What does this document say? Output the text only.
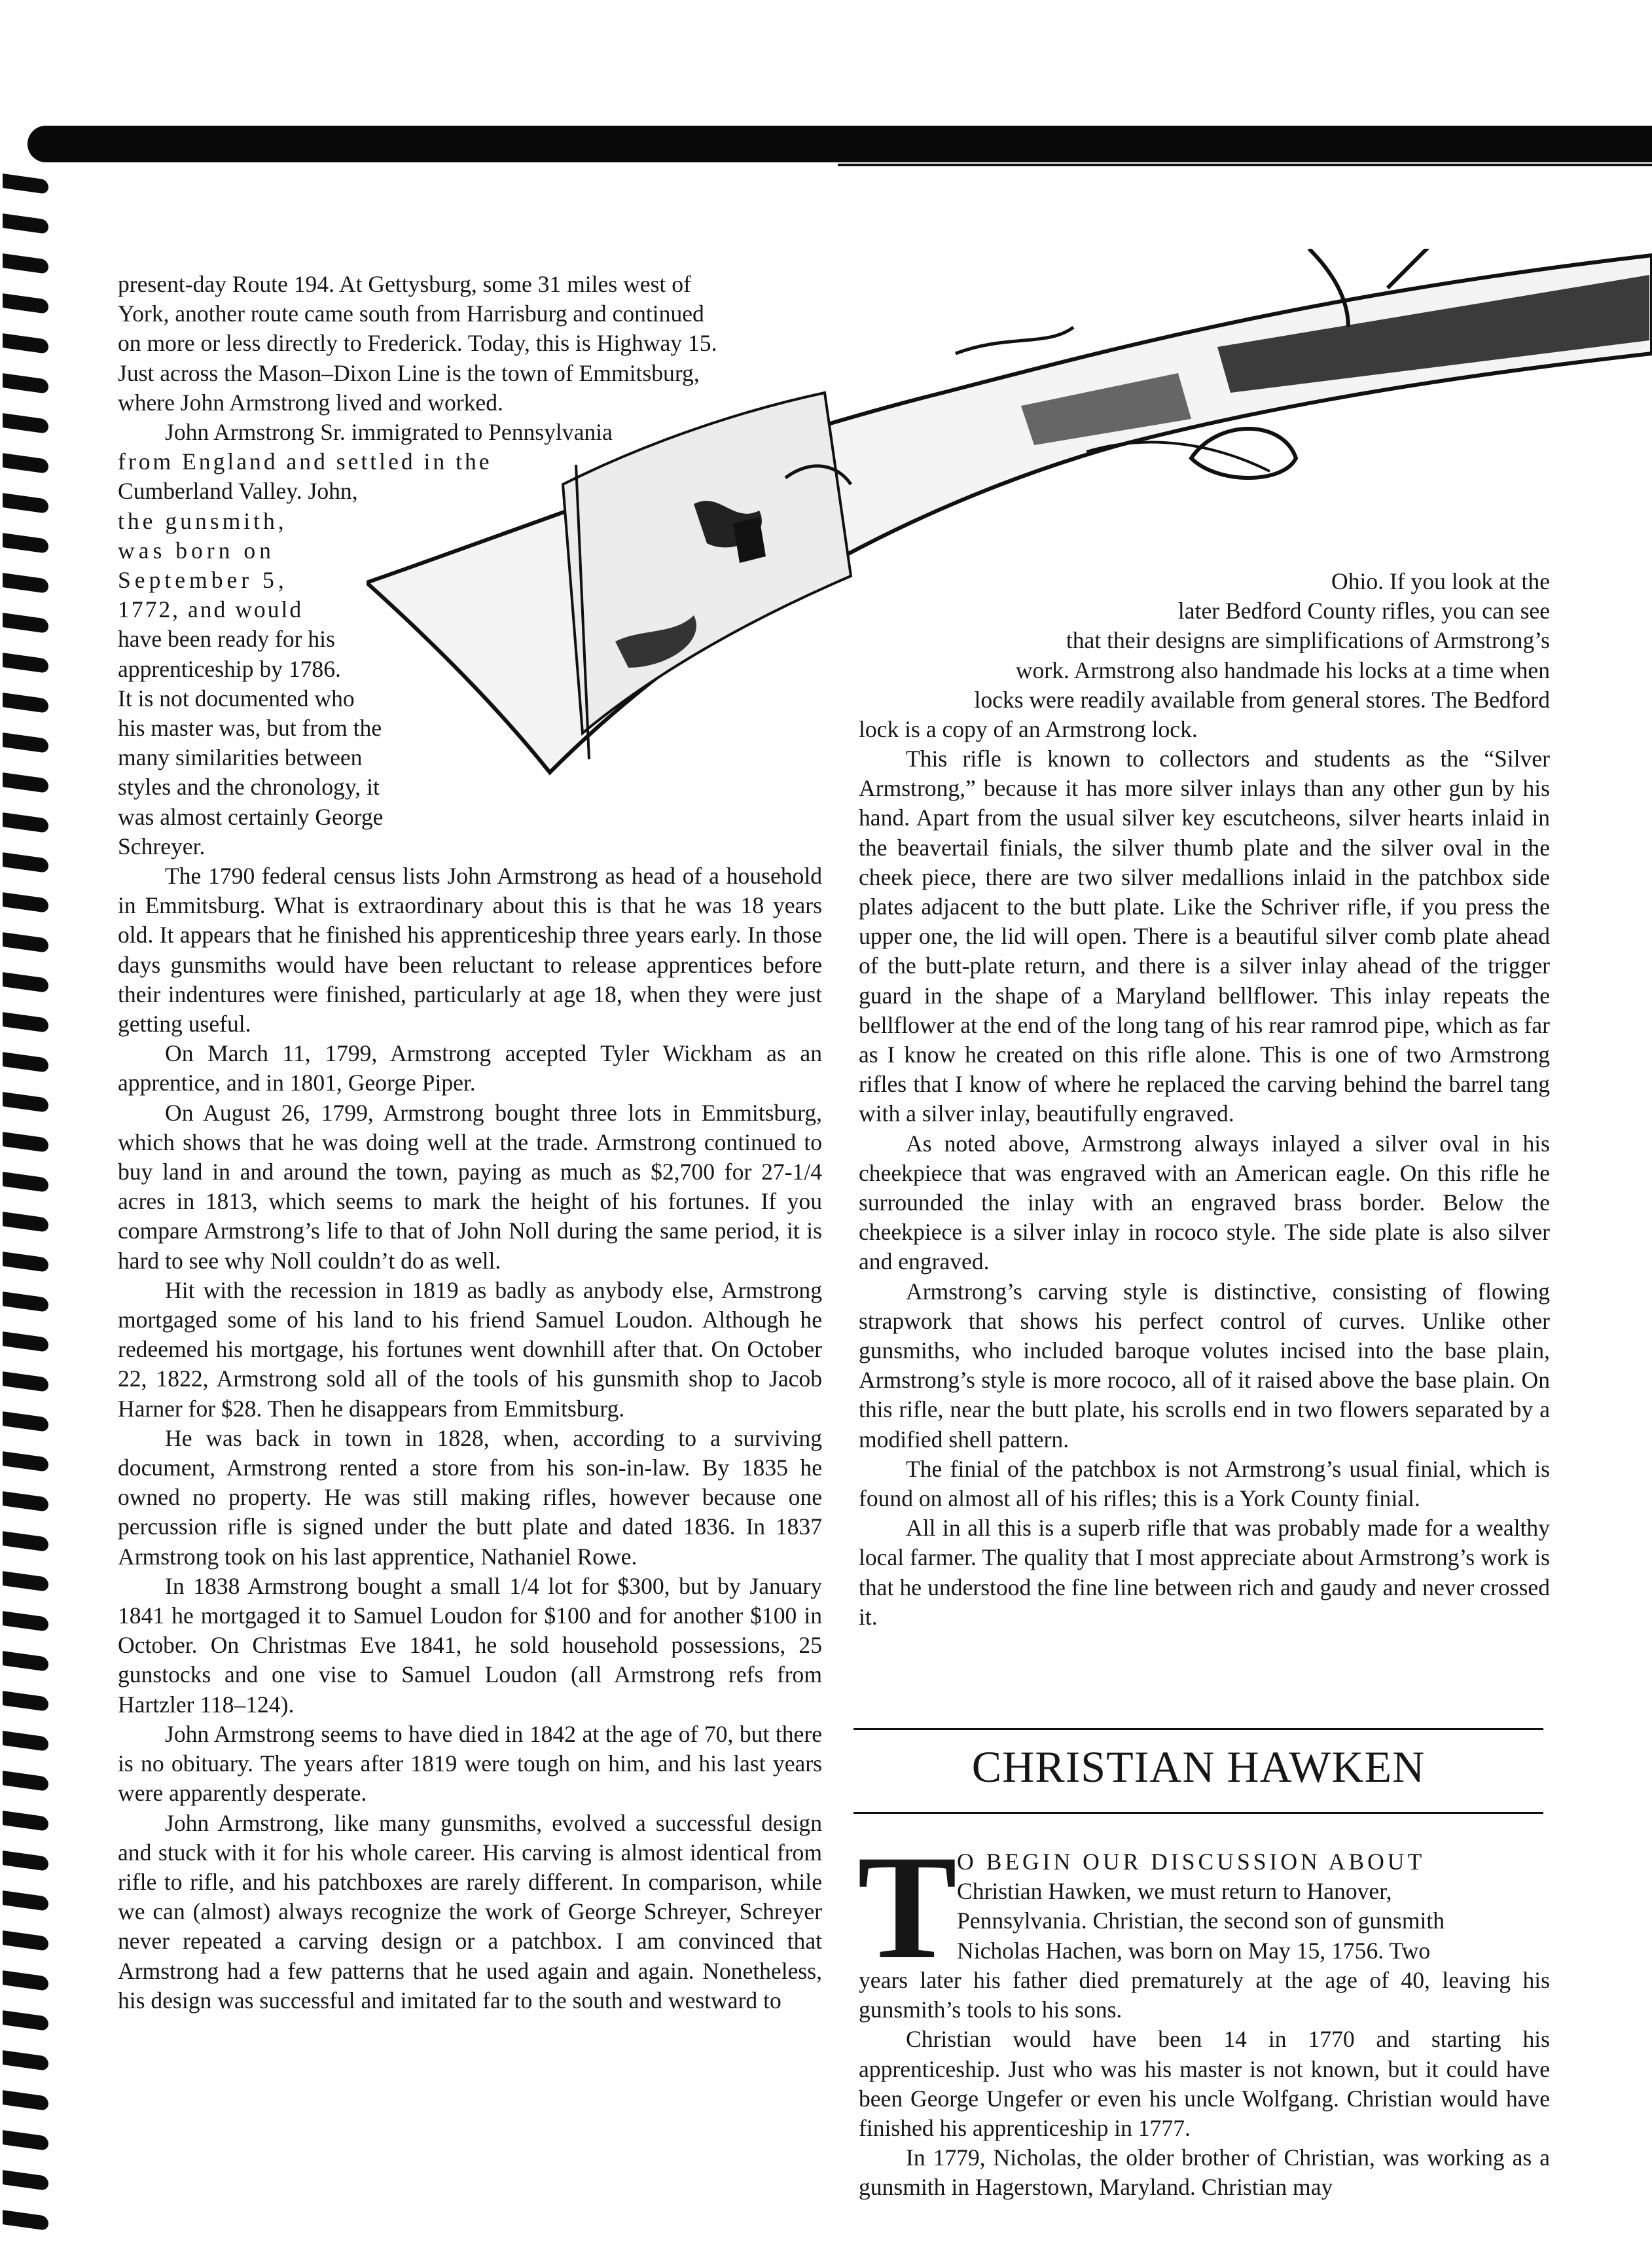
present-day Route 194. At Gettysburg, some 31 miles west of
York, another route came south from Harrisburg and continued
on more or less directly to Frederick. Today, this is Highway 15.
Just across the Mason–Dixon Line is the town of Emmitsburg,
where John Armstrong lived and worked.
John Armstrong Sr. immigrated to Pennsylvania
from England and settled in the
Cumberland Valley. John,
the gunsmith,
was born on
September 5,
1772, and would
have been ready for his
apprenticeship by 1786.
It is not documented who
his master was, but from the
many similarities between
styles and the chronology, it
was almost certainly George
Schreyer.

The 1790 federal census lists John Armstrong as head of a household in Emmitsburg. What is extraordinary about this is that he was 18 years old. It appears that he finished his apprenticeship three years early. In those days gunsmiths would have been reluctant to release apprentices before their indentures were finished, particularly at age 18, when they were just getting useful.

On March 11, 1799, Armstrong accepted Tyler Wickham as an apprentice, and in 1801, George Piper.

On August 26, 1799, Armstrong bought three lots in Emmitsburg, which shows that he was doing well at the trade. Armstrong continued to buy land in and around the town, paying as much as $2,700 for 27-1/4 acres in 1813, which seems to mark the height of his fortunes. If you compare Armstrong’s life to that of John Noll during the same period, it is hard to see why Noll couldn’t do as well.

Hit with the recession in 1819 as badly as anybody else, Armstrong mortgaged some of his land to his friend Samuel Loudon. Although he redeemed his mortgage, his fortunes went downhill after that. On October 22, 1822, Armstrong sold all of the tools of his gunsmith shop to Jacob Harner for $28. Then he disappears from Emmitsburg.

He was back in town in 1828, when, according to a surviving document, Armstrong rented a store from his son-in-law. By 1835 he owned no property. He was still making rifles, however because one percussion rifle is signed under the butt plate and dated 1836. In 1837 Armstrong took on his last apprentice, Nathaniel Rowe.

In 1838 Armstrong bought a small 1/4 lot for $300, but by January 1841 he mortgaged it to Samuel Loudon for $100 and for another $100 in October. On Christmas Eve 1841, he sold household possessions, 25 gunstocks and one vise to Samuel Loudon (all Armstrong refs from Hartzler 118–124).

John Armstrong seems to have died in 1842 at the age of 70, but there is no obituary. The years after 1819 were tough on him, and his last years were apparently desperate.

John Armstrong, like many gunsmiths, evolved a successful design and stuck with it for his whole career. His carving is almost identical from rifle to rifle, and his patchboxes are rarely different. In comparison, while we can (almost) always recognize the work of George Schreyer, Schreyer never repeated a carving design or a patchbox. I am convinced that Armstrong had a few patterns that he used again and again. Nonetheless, his design was successful and imitated far to the south and westward to

Ohio. If you look at the
later Bedford County rifles, you can see
that their designs are simplifications of Armstrong’s
work. Armstrong also handmade his locks at a time when
locks were readily available from general stores. The Bedford
lock is a copy of an Armstrong lock.

This rifle is known to collectors and students as the “Silver Armstrong,” because it has more silver inlays than any other gun by his hand. Apart from the usual silver key escutcheons, silver hearts inlaid in the beavertail finials, the silver thumb plate and the silver oval in the cheek piece, there are two silver medallions inlaid in the patchbox side plates adjacent to the butt plate. Like the Schriver rifle, if you press the upper one, the lid will open. There is a beautiful silver comb plate ahead of the butt-plate return, and there is a silver inlay ahead of the trigger guard in the shape of a Maryland bellflower. This inlay repeats the bellflower at the end of the long tang of his rear ramrod pipe, which as far as I know he created on this rifle alone. This is one of two Armstrong rifles that I know of where he replaced the carving behind the barrel tang with a silver inlay, beautifully engraved.

As noted above, Armstrong always inlayed a silver oval in his cheekpiece that was engraved with an American eagle. On this rifle he surrounded the inlay with an engraved brass border. Below the cheekpiece is a silver inlay in rococo style. The side plate is also silver and engraved.

Armstrong’s carving style is distinctive, consisting of flowing strapwork that shows his perfect control of curves. Unlike other gunsmiths, who included baroque volutes incised into the base plain, Armstrong’s style is more rococo, all of it raised above the base plain. On this rifle, near the butt plate, his scrolls end in two flowers separated by a modified shell pattern.

The finial of the patchbox is not Armstrong’s usual finial, which is found on almost all of his rifles; this is a York County finial.

All in all this is a superb rifle that was probably made for a wealthy local farmer. The quality that I most appreciate about Armstrong’s work is that he understood the fine line between rich and gaudy and never crossed it.

CHRISTIAN HAWKEN
T O BEGIN OUR DISCUSSION ABOUT
Christian Hawken, we must return to Hanover,
Pennsylvania. Christian, the second son of gunsmith
Nicholas Hachen, was born on May 15, 1756. Two

years later his father died prematurely at the age of 40, leaving his gunsmith’s tools to his sons.

Christian would have been 14 in 1770 and starting his apprenticeship. Just who was his master is not known, but it could have been George Ungefer or even his uncle Wolfgang. Christian would have finished his apprenticeship in 1777.

In 1779, Nicholas, the older brother of Christian, was working as a gunsmith in Hagerstown, Maryland. Christian may
